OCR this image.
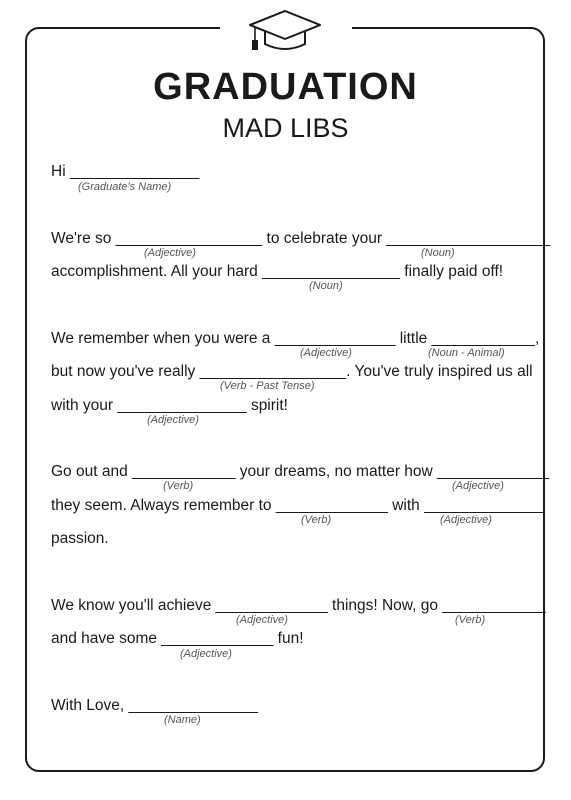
GRADUATION
MAD LIBS
Hi _______________
(Graduate's Name)
We're so _________________ to celebrate your ___________________
(Adjective)	(Noun)
accomplishment. All your hard ________________ finally paid off!
(Noun)
We remember when you were a ______________ little ____________,
(Adjective)	(Noun - Animal)
but now you've really _________________. You've truly inspired us all
(Verb - Past Tense)
with your _______________ spirit!
(Adjective)
Go out and ____________ your dreams, no matter how _____________
(Verb)	(Adjective)
they seem. Always remember to _____________ with ______________
(Verb)	(Adjective)
passion.
We know you'll achieve _____________ things! Now, go ____________
(Adjective)	(Verb)
and have some _____________ fun!
(Adjective)
With Love, _______________
(Name)
